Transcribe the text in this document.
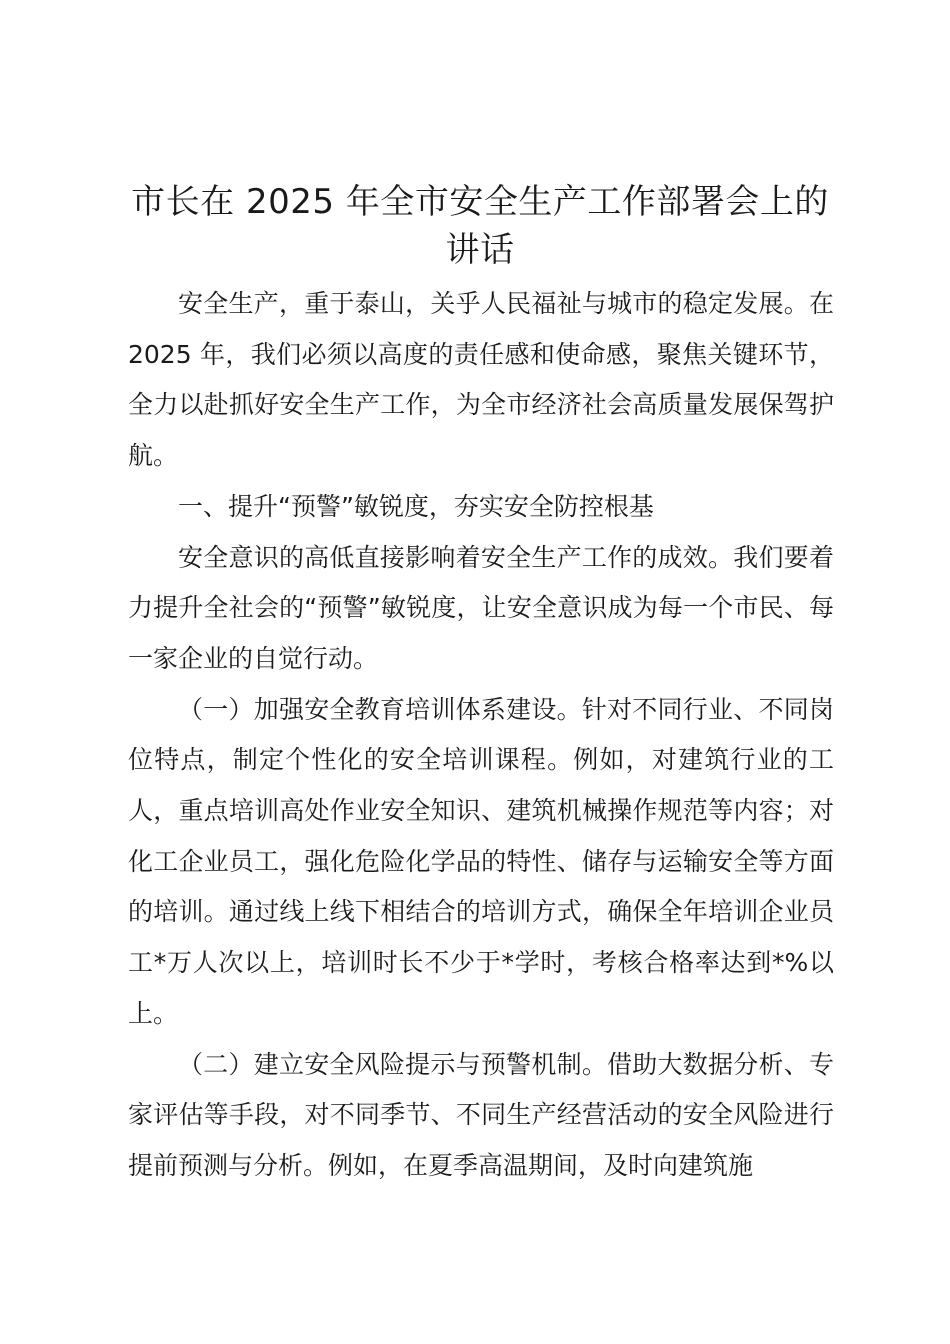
市长在 2025 年全市安全生产工作部署会上的讲话

安全生产，重于泰山，关乎人民福祉与城市的稳定发展。在 2025 年，我们必须以高度的责任感和使命感，聚焦关键环节，全力以赴抓好安全生产工作，为全市经济社会高质量发展保驾护航。

一、提升“预警”敏锐度，夯实安全防控根基

安全意识的高低直接影响着安全生产工作的成效。我们要着力提升全社会的“预警”敏锐度，让安全意识成为每一个市民、每一家企业的自觉行动。

（一）加强安全教育培训体系建设。针对不同行业、不同岗位特点，制定个性化的安全培训课程。例如，对建筑行业的工人，重点培训高处作业安全知识、建筑机械操作规范等内容；对化工企业员工，强化危险化学品的特性、储存与运输安全等方面的培训。通过线上线下相结合的培训方式，确保全年培训企业员工*万人次以上，培训时长不少于*学时，考核合格率达到*%以上。

（二）建立安全风险提示与预警机制。借助大数据分析、专家评估等手段，对不同季节、不同生产经营活动的安全风险进行提前预测与分析。例如，在夏季高温期间，及时向建筑施
